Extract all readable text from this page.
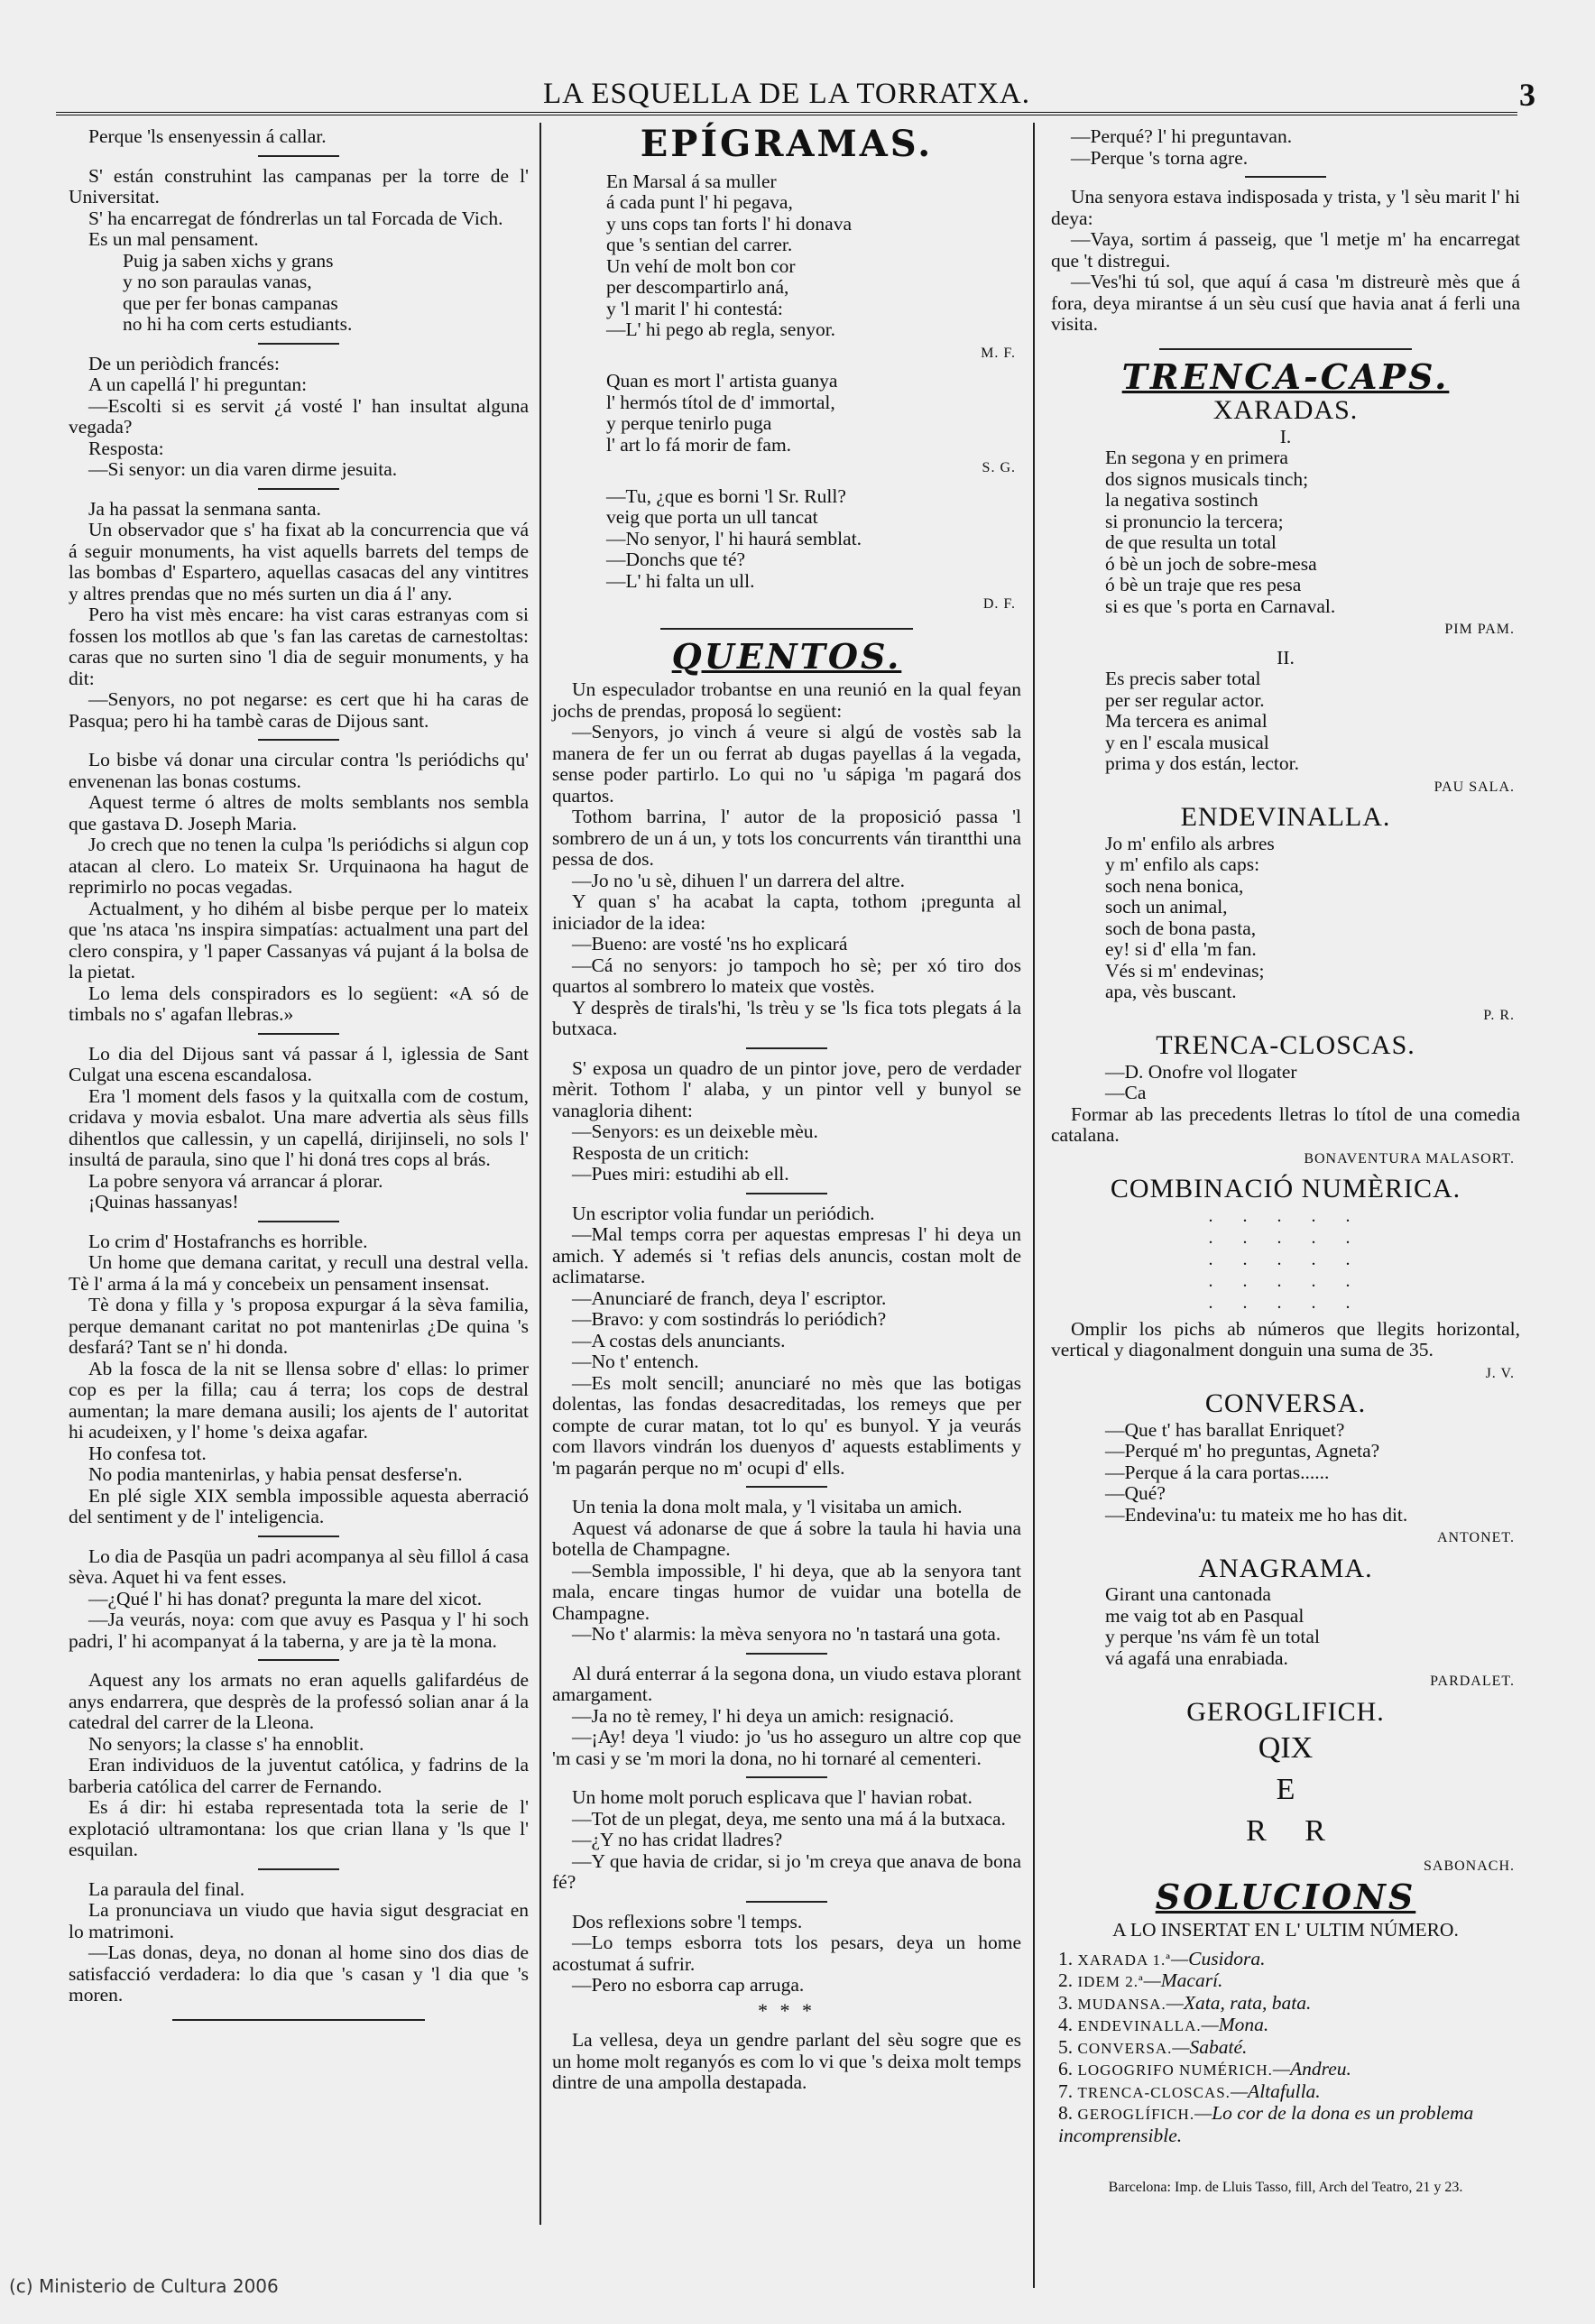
LA ESQUELLA DE LA TORRATXA.	3

Perque 'ls ensenyessin á callar.

S' están construhint las campanas per la torre de l' Universitat.

S' ha encarregat de fóndrerlas un tal Forcada de Vich.

Es un mal pensament.

Puig ja saben xichs y grans
y no son paraulas vanas,
que per fer bonas campanas
no hi ha com certs estudiants.

De un periòdich francés:

A un capellá l' hi preguntan:

—Escolti si es servit ¿á vosté l' han insultat alguna vegada?

Resposta:

—Si senyor: un dia varen dirme jesuita.

Ja ha passat la senmana santa.

Un observador que s' ha fixat ab la concurrencia que vá á seguir monuments, ha vist aquells barrets del temps de las bombas d' Espartero, aquellas casacas del any vintitres y altres prendas que no més surten un dia á l' any.

Pero ha vist mès encare: ha vist caras estranyas com si fossen los motllos ab que 's fan las caretas de carnestoltas: caras que no surten sino 'l dia de seguir monuments, y ha dit:

—Senyors, no pot negarse: es cert que hi ha caras de Pasqua; pero hi ha tambè caras de Dijous sant.

Lo bisbe vá donar una circular contra 'ls periódichs qu' envenenan las bonas costums.

Aquest terme ó altres de molts semblants nos sembla que gastava D. Joseph Maria.

Jo crech que no tenen la culpa 'ls periódichs si algun cop atacan al clero. Lo mateix Sr. Urquinaona ha hagut de reprimirlo no pocas vegadas.

Actualment, y ho dihém al bisbe perque per lo mateix que 'ns ataca 'ns inspira simpatías: actualment una part del clero conspira, y 'l paper Cassanyas vá pujant á la bolsa de la pietat.

Lo lema dels conspiradors es lo següent: «A só de timbals no s' agafan llebras.»

Lo dia del Dijous sant vá passar á l, iglessia de Sant Culgat una escena escandalosa.

Era 'l moment dels fasos y la quitxalla com de costum, cridava y movia esbalot. Una mare advertia als sèus fills dihentlos que callessin, y un capellá, dirijinseli, no sols l' insultá de paraula, sino que l' hi doná tres cops al brás.

La pobre senyora vá arrancar á plorar.

¡Quinas hassanyas!

Lo crim d' Hostafranchs es horrible.

Un home que demana caritat, y recull una destral vella. Tè l' arma á la má y concebeix un pensament insensat.

Tè dona y filla y 's proposa expurgar á la sèva familia, perque demanant caritat no pot mantenirlas ¿De quina 's desfará? Tant se n' hi donda.

Ab la fosca de la nit se llensa sobre d' ellas: lo primer cop es per la filla; cau á terra; los cops de destral aumentan; la mare demana ausili; los ajents de l' autoritat hi acudeixen, y l' home 's deixa agafar.

Ho confesa tot.

No podia mantenirlas, y habia pensat desferse'n.

En plé sigle XIX sembla impossible aquesta aberració del sentiment y de l' inteligencia.

Lo dia de Pasqüa un padri acompanya al sèu fillol á casa sèva. Aquet hi va fent esses.

—¿Qué l' hi has donat? pregunta la mare del xicot.

—Ja veurás, noya: com que avuy es Pasqua y l' hi soch padri, l' hi acompanyat á la taberna, y are ja tè la mona.

Aquest any los armats no eran aquells galifardéus de anys endarrera, que desprès de la professó solian anar á la catedral del carrer de la Lleona.

No senyors; la classe s' ha ennoblit.

Eran individuos de la juventut católica, y fadrins de la barberia católica del carrer de Fernando.

Es á dir: hi estaba representada tota la serie de l' explotació ultramontana: los que crian llana y 'ls que l' esquilan.

La paraula del final.

La pronunciava un viudo que havia sigut desgraciat en lo matrimoni.

—Las donas, deya, no donan al home sino dos dias de satisfacció verdadera: lo dia que 's casan y 'l dia que 's moren.

EPÍGRAMAS.
En Marsal á sa muller
á cada punt l' hi pegava,
y uns cops tan forts l' hi donava
que 's sentian del carrer.
Un vehí de molt bon cor
per descompartirlo aná,
y 'l marit l' hi contestá:
—L' hi pego ab regla, senyor.
M. F.
Quan es mort l' artista guanya
l' hermós títol de d' immortal,
y perque tenirlo puga
l' art lo fá morir de fam.
S. G.
—Tu, ¿que es borni 'l Sr. Rull?
veig que porta un ull tancat
—No senyor, l' hi haurá semblat.
—Donchs que té?
—L' hi falta un ull.
D. F.
QUENTOS.

Un especulador trobantse en una reunió en la qual feyan jochs de prendas, proposá lo següent:

—Senyors, jo vinch á veure si algú de vostès sab la manera de fer un ou ferrat ab dugas payellas á la vegada, sense poder partirlo. Lo qui no 'u sápiga 'm pagará dos quartos.

Tothom barrina, l' autor de la proposició passa 'l sombrero de un á un, y tots los concurrents ván tirantthi una pessa de dos.

—Jo no 'u sè, dihuen l' un darrera del altre.

Y quan s' ha acabat la capta, tothom ¡pregunta al iniciador de la idea:

—Bueno: are vosté 'ns ho explicará

—Cá no senyors: jo tampoch ho sè; per xó tiro dos quartos al sombrero lo mateix que vostès.

Y desprès de tirals'hi, 'ls trèu y se 'ls fica tots plegats á la butxaca.

S' exposa un quadro de un pintor jove, pero de verdader mèrit. Tothom l' alaba, y un pintor vell y bunyol se vanagloria dihent:

—Senyors: es un deixeble mèu.

Resposta de un critich:

—Pues miri: estudihi ab ell.

Un escriptor volia fundar un periódich.

—Mal temps corra per aquestas empresas l' hi deya un amich. Y ademés si 't refias dels anuncis, costan molt de aclimatarse.

—Anunciaré de franch, deya l' escriptor.

—Bravo: y com sostindrás lo periódich?

—A costas dels anunciants.

—No t' entench.

—Es molt sencill; anunciaré no mès que las botigas dolentas, las fondas desacreditadas, los remeys que per compte de curar matan, tot lo qu' es bunyol. Y ja veurás com llavors vindrán los duenyos d' aquests establiments y 'm pagarán perque no m' ocupi d' ells.

Un tenia la dona molt mala, y 'l visitaba un amich.

Aquest vá adonarse de que á sobre la taula hi havia una botella de Champagne.

—Sembla impossible, l' hi deya, que ab la senyora tant mala, encare tingas humor de vuidar una botella de Champagne.

—No t' alarmis: la mèva senyora no 'n tastará una gota.

Al durá enterrar á la segona dona, un viudo estava plorant amargament.

—Ja no tè remey, l' hi deya un amich: resignació.

—¡Ay! deya 'l viudo: jo 'us ho asseguro un altre cop que 'm casi y se 'm mori la dona, no hi tornaré al cementeri.

Un home molt poruch esplicava que l' havian robat.

—Tot de un plegat, deya, me sento una má á la butxaca.

—¿Y no has cridat lladres?

—Y que havia de cridar, si jo 'm creya que anava de bona fé?

Dos reflexions sobre 'l temps.

—Lo temps esborra tots los pesars, deya un home acostumat á sufrir.

—Pero no esborra cap arruga.

* * *

La vellesa, deya un gendre parlant del sèu sogre que es un home molt reganyós es com lo vi que 's deixa molt temps dintre de una ampolla destapada.

—Perqué? l' hi preguntavan.

—Perque 's torna agre.

Una senyora estava indisposada y trista, y 'l sèu marit l' hi deya:

—Vaya, sortim á passeig, que 'l metje m' ha encarregat que 't distregui.

—Ves'hi tú sol, que aquí á casa 'm distreurè mès que á fora, deya mirantse á un sèu cusí que havia anat á ferli una visita.

TRENCA-CAPS.
XARADAS.
I.
En segona y en primera
dos signos musicals tinch;
la negativa sostinch
si pronuncio la tercera;
de que resulta un total
ó bè un joch de sobre-mesa
ó bè un traje que res pesa
si es que 's porta en Carnaval.
PIM PAM.
II.
Es precis saber total
per ser regular actor.
Ma tercera es animal
y en l' escala musical
prima y dos están, lector.
PAU SALA.
ENDEVINALLA.
Jo m' enfilo als arbres
y m' enfilo als caps:
soch nena bonica,
soch un animal,
soch de bona pasta,
ey! si d' ella 'm fan.
Vés si m' endevinas;
apa, vès buscant.
P. R.
TRENCA-CLOSCAS.
—D. Onofre vol llogater
—Ca

Formar ab las precedents lletras lo títol de una comedia catalana.

BONAVENTURA MALASORT.
COMBINACIÓ NUMÈRICA.
. . . . .
. . . . .
. . . . .
. . . . .
. . . . .

Omplir los pichs ab números que llegits horizontal, vertical y diagonalment donguin una suma de 35.

J. V.
CONVERSA.
—Que t' has barallat Enriquet?
—Perqué m' ho preguntas, Agneta?
—Perque á la cara portas......
—Qué?
—Endevina'u: tu mateix me ho has dit.
ANTONET.
ANAGRAMA.
Girant una cantonada
me vaig tot ab en Pasqual
y perque 'ns vám fè un total
vá agafá una enrabiada.
PARDALET.
GEROGLIFICH.
QIX
E
R     R
SABONACH.
SOLUCIONS
A LO INSERTAT EN L' ULTIM NÚMERO.
1. XARADA 1.ª—Cusidora.
2. IDEM 2.ª—Macarí.
3. MUDANSA.—Xata, rata, bata.
4. ENDEVINALLA.—Mona.
5. CONVERSA.—Sabaté.
6. LOGOGRIFO NUMÉRICH.—Andreu.
7. TRENCA-CLOSCAS.—Altafulla.
8. GEROGLÍFICH.—Lo cor de la dona es un problema incomprensible.
Barcelona: Imp. de Lluis Tasso, fill, Arch del Teatro, 21 y 23.
(c) Ministerio de Cultura 2006
